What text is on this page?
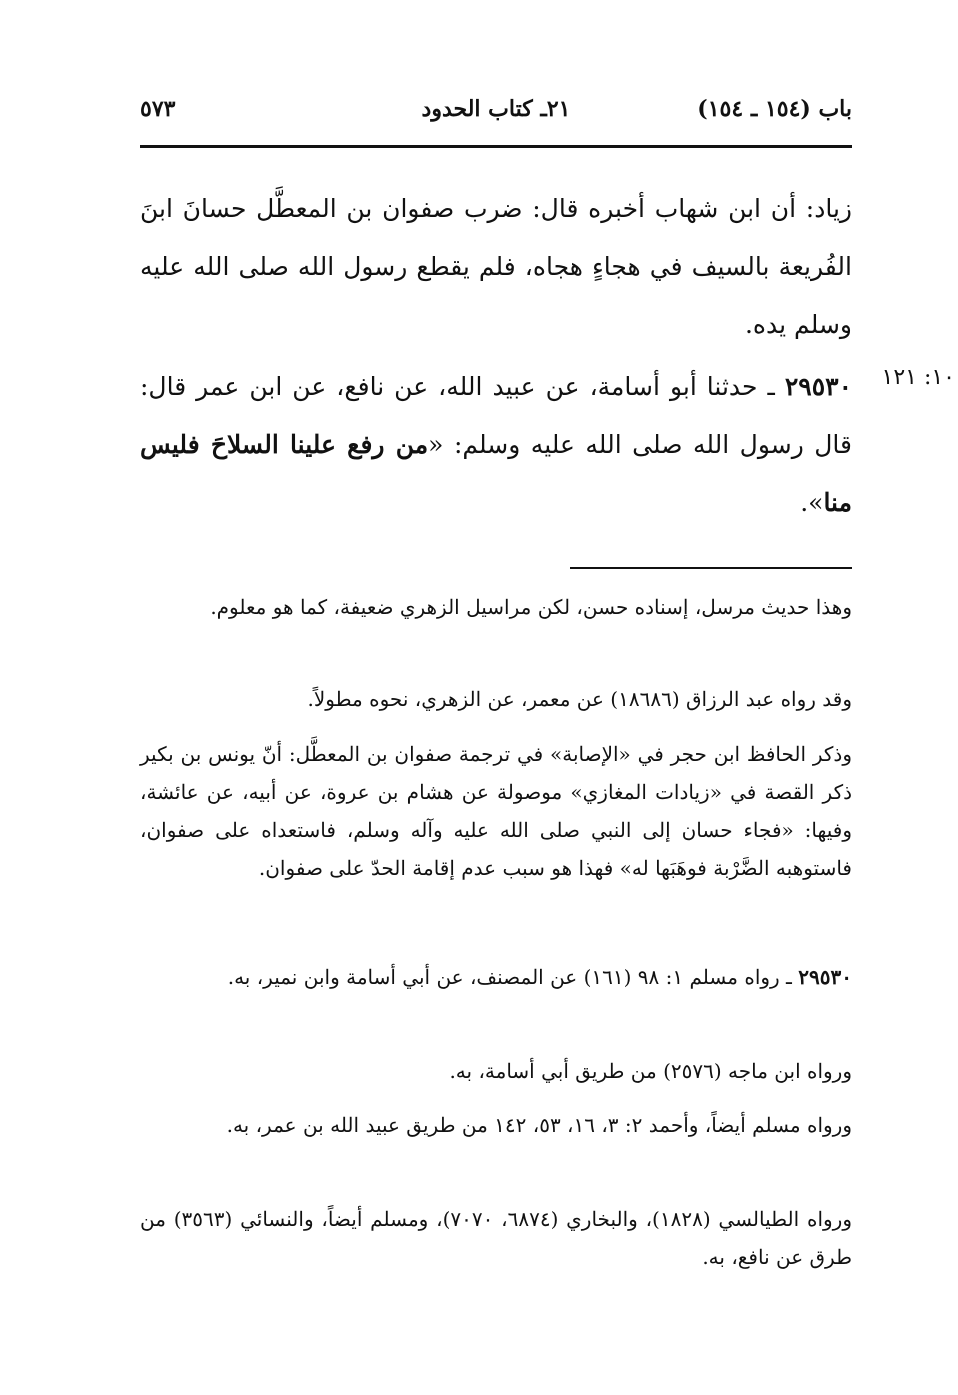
باب (١٥٤ ـ ١٥٤)
٢١ـ كتاب الحدود
٥٧٣
زياد: أن ابن شهاب أخبره قال: ضرب صفوان بن المعطَّل حسانَ ابنَ الفُريعة بالسيف في هجاءٍ هجاه، فلم يقطع رسول الله صلى الله عليه وسلم يده.
١٠: ١٢١
٢٩٥٣٠ ـ حدثنا أبو أسامة، عن عبيد الله، عن نافع، عن ابن عمر قال: قال رسول الله صلى الله عليه وسلم: «من رفع علينا السلاحَ فليس منا».
وهذا حديث مرسل، إسناده حسن، لكن مراسيل الزهري ضعيفة، كما هو معلوم.
وقد رواه عبد الرزاق (١٨٦٨٦) عن معمر، عن الزهري، نحوه مطولاً.
وذكر الحافظ ابن حجر في «الإصابة» في ترجمة صفوان بن المعطَّل: أنّ يونس بن بكير ذكر القصة في «زيادات المغازي» موصولة عن هشام بن عروة، عن أبيه، عن عائشة، وفيها: «فجاء حسان إلى النبي صلى الله عليه وآله وسلم، فاستعداه على صفوان، فاستوهبه الضَّرْبة فوهَبَها له» فهذا هو سبب عدم إقامة الحدّ على صفوان.
٢٩٥٣٠ ـ رواه مسلم ١: ٩٨ (١٦١) عن المصنف، عن أبي أسامة وابن نمير، به.
ورواه ابن ماجه (٢٥٧٦) من طريق أبي أسامة، به.
ورواه مسلم أيضاً، وأحمد ٢: ٣، ١٦، ٥٣، ١٤٢ من طريق عبيد الله بن عمر، به.
ورواه الطيالسي (١٨٢٨)، والبخاري (٦٨٧٤، ٧٠٧٠)، ومسلم أيضاً، والنسائي (٣٥٦٣) من طرق عن نافع، به.
